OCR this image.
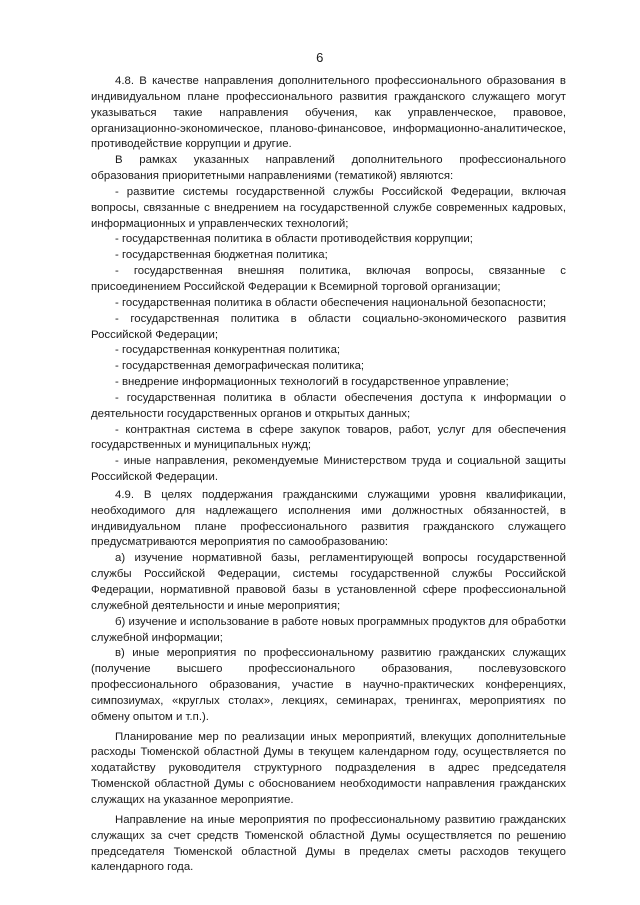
6

4.8. В качестве направления дополнительного профессионального образования в индивидуальном плане профессионального развития гражданского служащего могут указываться такие направления обучения, как управленческое, правовое, организационно-экономическое, планово-финансовое, информационно-аналитическое, противодействие коррупции и другие.

В рамках указанных направлений дополнительного профессионального образования приоритетными направлениями (тематикой) являются:

- развитие системы государственной службы Российской Федерации, включая вопросы, связанные с внедрением на государственной службе современных кадровых, информационных и управленческих технологий;

- государственная политика в области противодействия коррупции;

- государственная бюджетная политика;

- государственная внешняя политика, включая вопросы, связанные с присоединением Российской Федерации к Всемирной торговой организации;

- государственная политика в области обеспечения национальной безопасности;

- государственная политика в области социально-экономического развития Российской Федерации;

- государственная конкурентная политика;

- государственная демографическая политика;

- внедрение информационных технологий в государственное управление;

- государственная политика в области обеспечения доступа к информации о деятельности государственных органов и открытых данных;

- контрактная система в сфере закупок товаров, работ, услуг для обеспечения государственных и муниципальных нужд;

- иные направления, рекомендуемые Министерством труда и социальной защиты Российской Федерации.

4.9. В целях поддержания гражданскими служащими уровня квалификации, необходимого для надлежащего исполнения ими должностных обязанностей, в индивидуальном плане профессионального развития гражданского служащего предусматриваются мероприятия по самообразованию:

а) изучение нормативной базы, регламентирующей вопросы государственной службы Российской Федерации, системы государственной службы Российской Федерации, нормативной правовой базы в установленной сфере профессиональной служебной деятельности и иные мероприятия;

б) изучение и использование в работе новых программных продуктов для обработки служебной информации;

в) иные мероприятия по профессиональному развитию гражданских служащих (получение высшего профессионального образования, послевузовского профессионального образования, участие в научно-практических конференциях, симпозиумах, «круглых столах», лекциях, семинарах, тренингах, мероприятиях по обмену опытом и т.п.).

Планирование мер по реализации иных мероприятий, влекущих дополнительные расходы Тюменской областной Думы в текущем календарном году, осуществляется по ходатайству руководителя структурного подразделения в адрес председателя Тюменской областной Думы с обоснованием необходимости направления гражданских служащих на указанное мероприятие.

Направление на иные мероприятия по профессиональному развитию гражданских служащих за счет средств Тюменской областной Думы осуществляется по решению председателя Тюменской областной Думы в пределах сметы расходов текущего календарного года.
